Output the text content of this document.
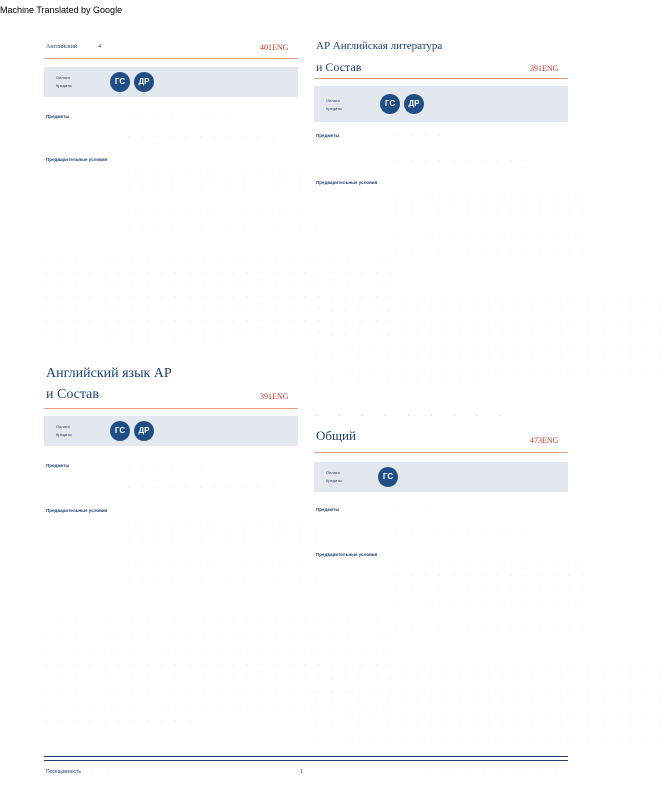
Machine Translated by Google
Английский	4	401ENG
Оплата
Кредиты	ГС	ДР
Предметы
Предварительные условия
· · · · · · · ·
· · · · · · · · · · ·
· · · · · · · · · · · · · ·
· · · · · · · · · · · · · ·
· · · · · · · · · · · · · ·
· · · · · · · · · · · · · ·
· · · · · · · · · · · · · ·
· · · · · · · · · · · · · · · · · · · · · · · · ·
· · · · · · · · · · · · · · · · · · · · · · · · ·
· · · · · · · · · · · · · · · · · · · · · · · · ·
· · · · · · · · · · · · · · · · · · · · · · · · ·
· · · · · · · · · · · · · · · · · · · · · · · · ·
· · · · · · · · · · · · · · · · · · · · · · · · ·
· · · · · · · · · · · · · · · · · · · · · · · · ·
· · · · · · · · · · · · ·
Английский язык АР
и Состав	391ENG
Оплата
Кредиты	ГС	ДР
Предметы
Предварительные условия
· · · · · · ·
· · · · · · · · · · ·
· · · · · · · · · · · · · ·
· · · · · · · · · · · · · ·
· · · · · · · · · · · · · ·
· · · · · · · · · · · · · ·
· · · · · · · · · · · · · ·
· · · · · · · · · · · · · · · · · · · · · · · · ·
· · · · · · · · · · · · · · · · · · · · · · · · ·
· · · · · · · · · · · · · · · · · · · · · · · · ·
· · · · · · · · · · · · · · · · · · · · · · · · ·
· · · · · · · · · · · · · · · · · · · · · · · · ·
· · · · · · · · · · · · · · · · · · · · · · · · ·
· · · · · · · · · · · · · · · · · · · · · · · · ·
· · · · · · · · · · ·
АР Английская литература
и Состав	391ENG
Оплата
Кредиты
ГС	ДР
Предметы
Предварительные условия
· · · ·
· · · · · · · · · ·
· · · · · · · · · · · · · ·
· · · · · · · · · · · · · ·
· · · · · · · · · · · · · ·
· · · · · · · · · · · · · ·
· · · · · · · · · · · · · ·
· · · · · · · · · · · · · · · · · · · · · · · · ·
· · · · · · · · · · · · · · · · · · · · · · · · ·
· · · · · · · · · · · · · · · · · · · · · · · · ·
· · · · · · · · · · · · · · · · · · · · · · · · ·
· · · · · · · · · · · · · · · · · · · · · · · · ·
· · · · · · · · · · · · · · · · · · · · · · · · ·
· · · · · · · · · · · · · · · · · · · · · · · · ·
· · · · · · · · · · · ·
· · · · · · · · ·
Общий	473ENG
Оплата
Кредиты	ГС
Предметы
Предварительные условия
· · ·
· · · · · · · · · ·
· · · · · · · · · · · · · ·
· · · · · · · · · · · · · ·
· · · · · · · · · · · · · ·
· · · · · · · · · · · · · ·
· · · · · · · · · · · · · ·
· · · · · · · · · · · · · · · · · · · · · · · · ·
· · · · · · · · · · · · · · · · · · · · · · · · ·
· · · · · · · · · · · · · · · · · · · · · · · · ·
· · · · · · · · · · · · · · · · · · · · · · · · ·
· · · · · · · · · · · · · · · · · · · · · · · · ·
· · · · · · · · · · · · · · · · · · · · · · · · ·
· · · · · · · · · · · · · · · · · · · · · · · · ·
Посещаемость	· ·	1	· · · · · · · · · ·
